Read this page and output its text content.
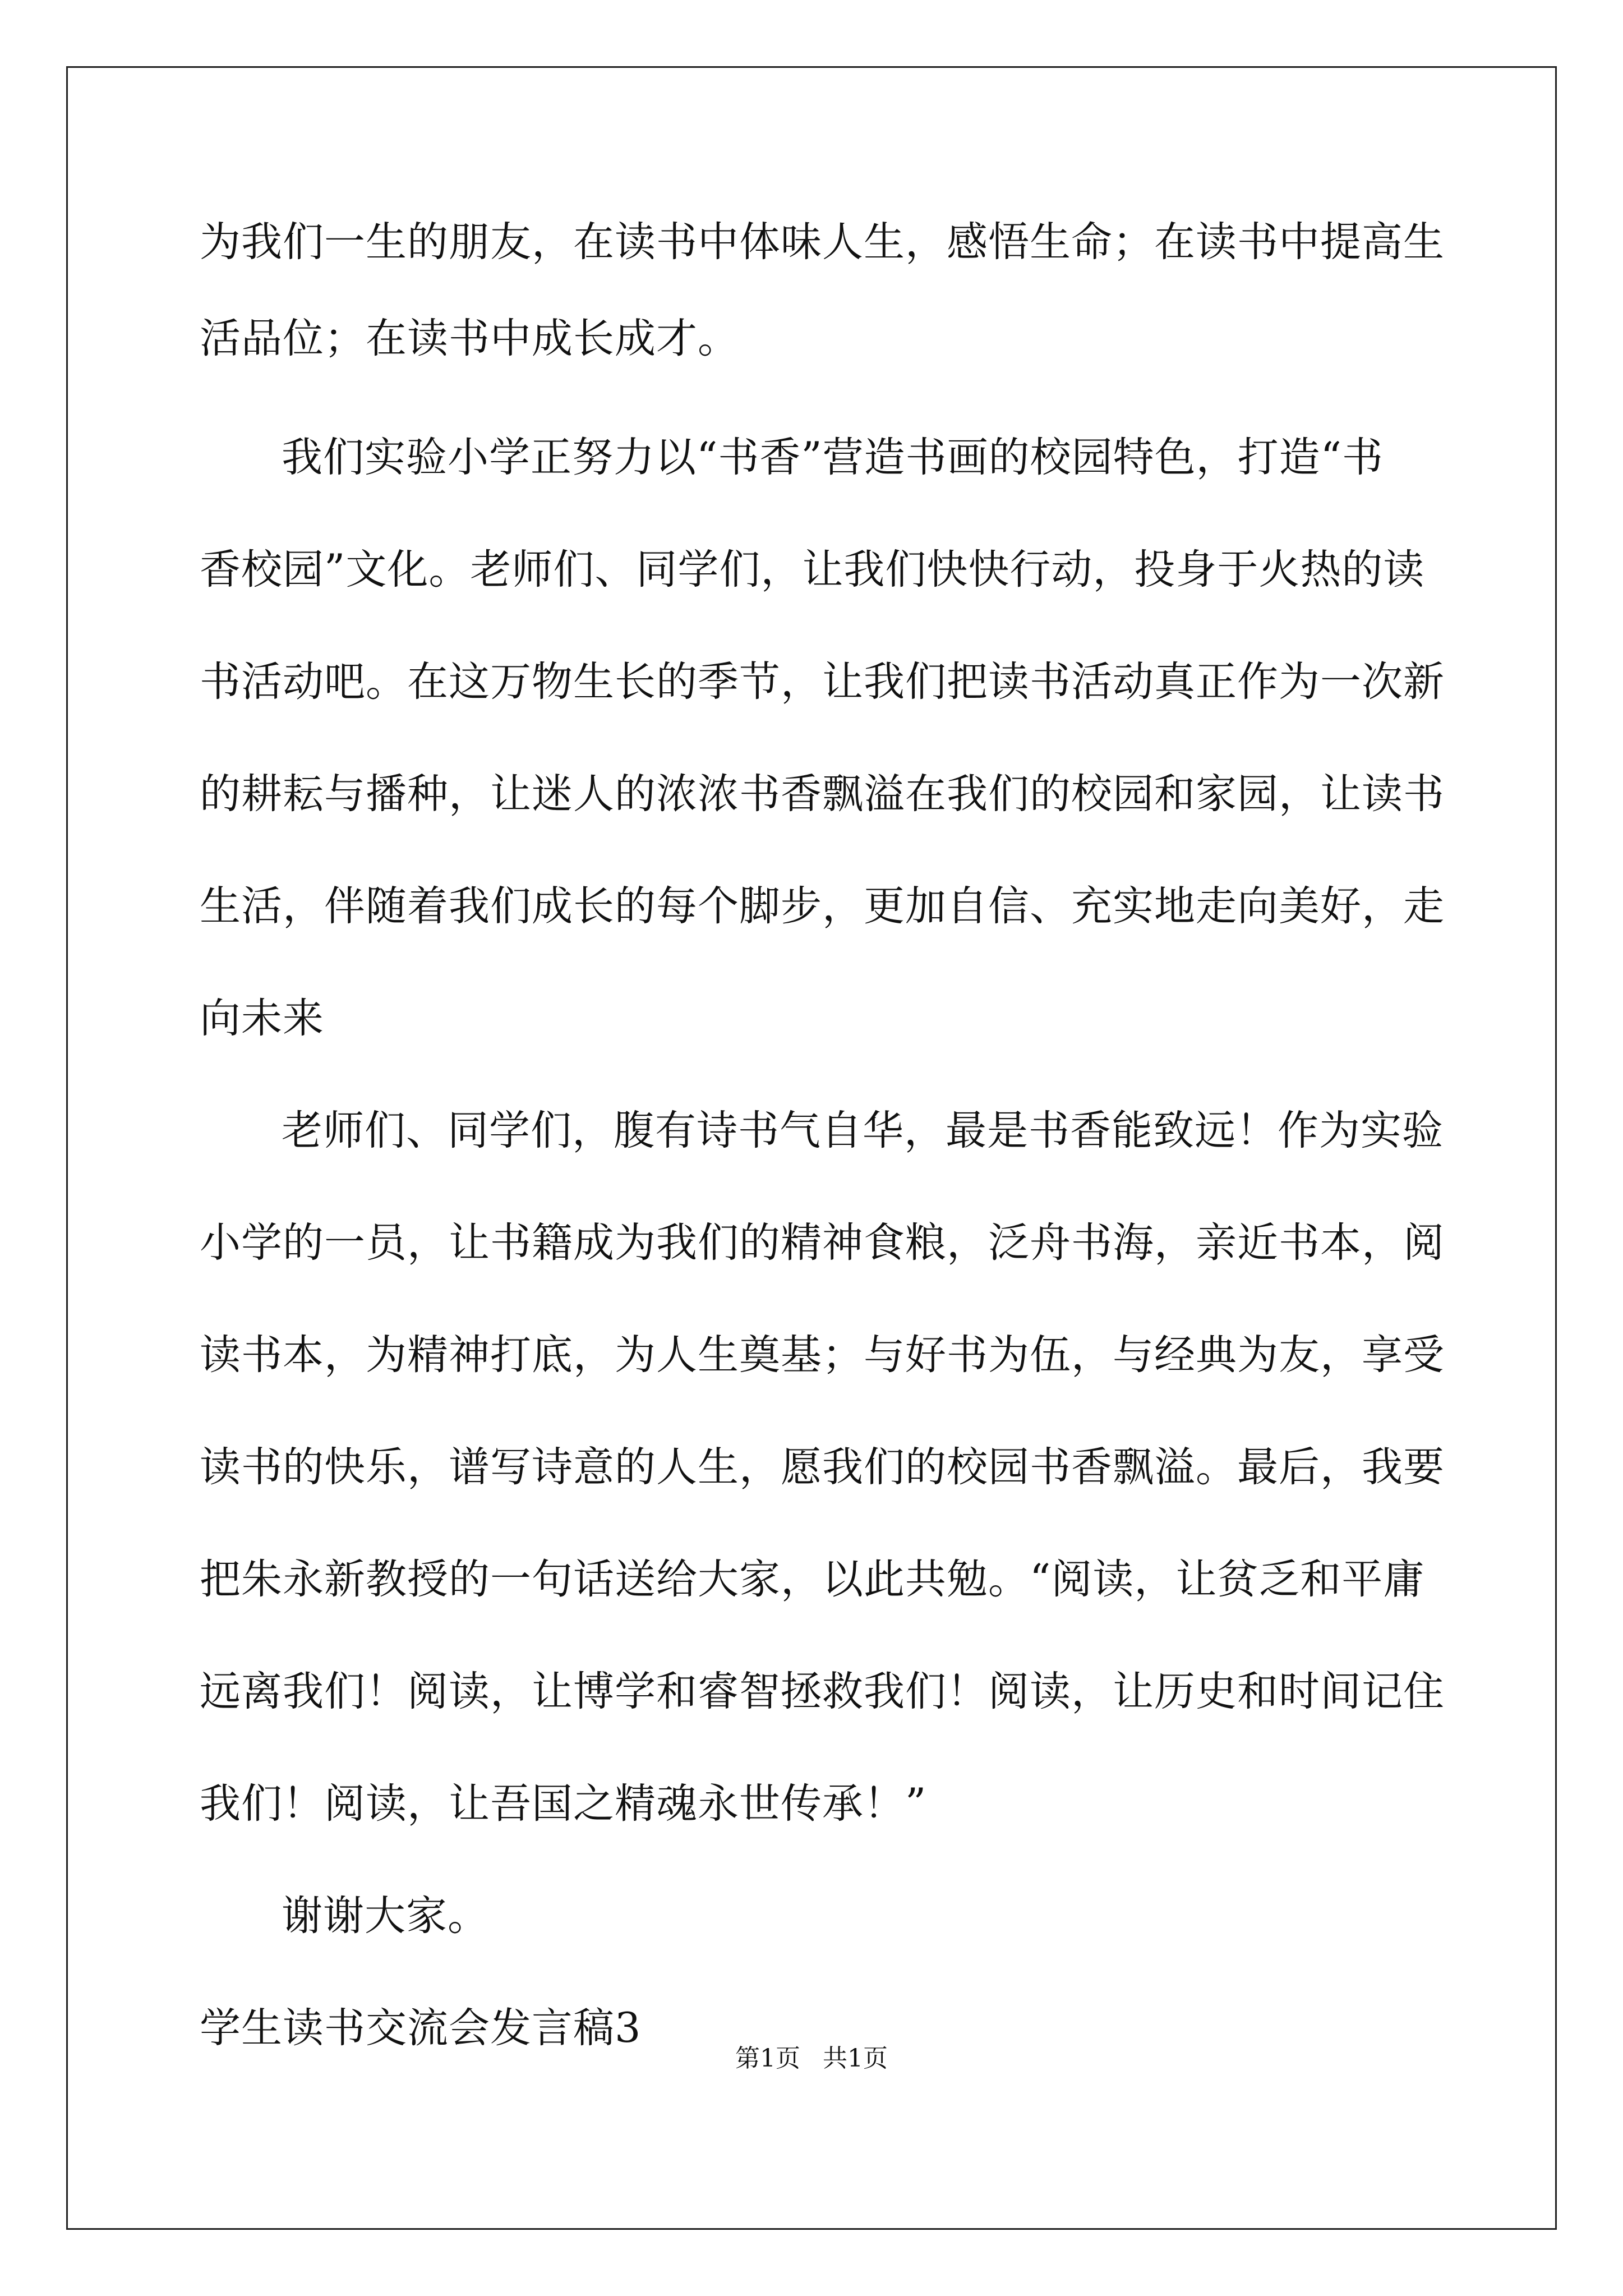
为我们一生的朋友，在读书中体味人生，感悟生命；在读书中提高生
活品位；在读书中成长成才。
我们实验小学正努力以“书香”营造书画的校园特色，打造“书
香校园”文化。老师们、同学们，让我们快快行动，投身于火热的读
书活动吧。在这万物生长的季节，让我们把读书活动真正作为一次新
的耕耘与播种，让迷人的浓浓书香飘溢在我们的校园和家园，让读书
生活，伴随着我们成长的每个脚步，更加自信、充实地走向美好，走
向未来
老师们、同学们，腹有诗书气自华，最是书香能致远！作为实验
小学的一员，让书籍成为我们的精神食粮，泛舟书海，亲近书本，阅
读书本，为精神打底，为人生奠基；与好书为伍，与经典为友，享受
读书的快乐，谱写诗意的人生，愿我们的校园书香飘溢。最后，我要
把朱永新教授的一句话送给大家，以此共勉。“阅读，让贫乏和平庸
远离我们！阅读，让博学和睿智拯救我们！阅读，让历史和时间记住
我们！阅读，让吾国之精魂永世传承！”
谢谢大家。
学生读书交流会发言稿3
第1页 共1页
